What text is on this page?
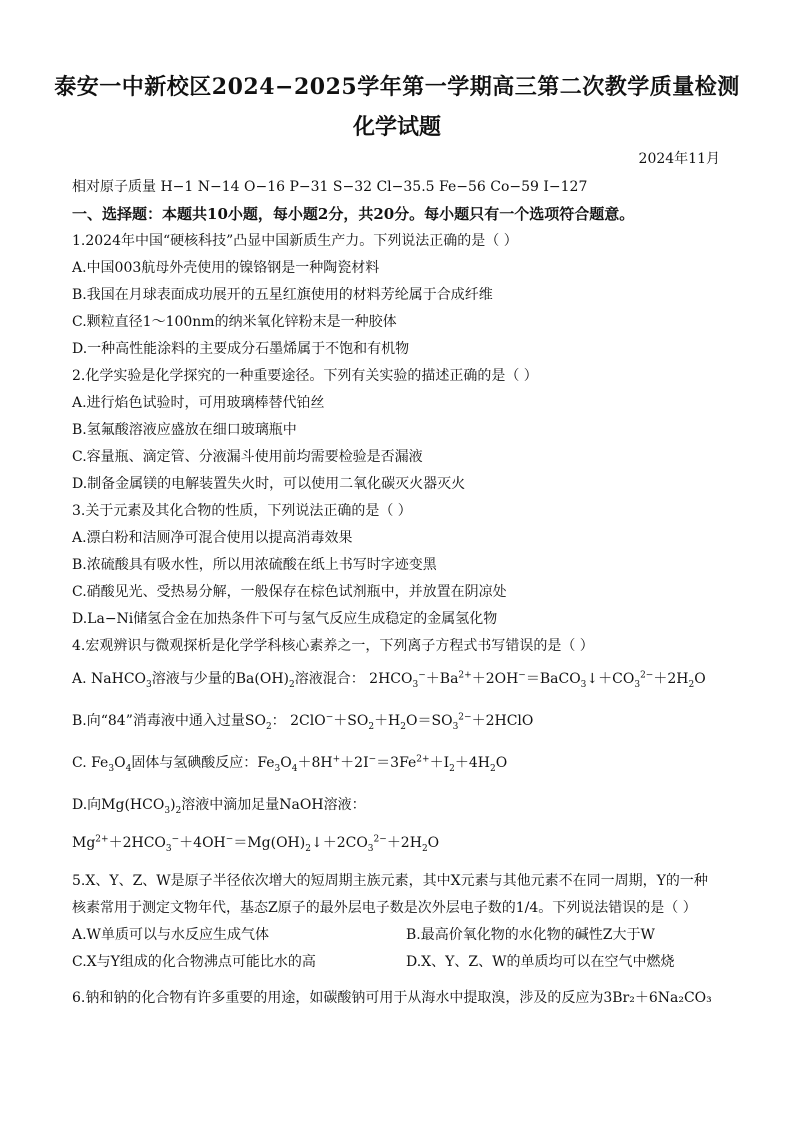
泰安一中新校区2024−2025学年第一学期高三第二次教学质量检测
化学试题
2024年11月
相对原子质量 H−1 N−14 O−16 P−31 S−32 Cl−35.5 Fe−56 Co−59 I−127
一、选择题：本题共10小题，每小题2分，共20分。每小题只有一个选项符合题意。
1.2024年中国“硬核科技”凸显中国新质生产力。下列说法正确的是（ ）
A.中国003航母外壳使用的镍铬钢是一种陶瓷材料
B.我国在月球表面成功展开的五星红旗使用的材料芳纶属于合成纤维
C.颗粒直径1～100nm的纳米氧化锌粉末是一种胶体
D.一种高性能涂料的主要成分石墨烯属于不饱和有机物
2.化学实验是化学探究的一种重要途径。下列有关实验的描述正确的是（ ）
A.进行焰色试验时，可用玻璃棒替代铂丝
B.氢氟酸溶液应盛放在细口玻璃瓶中
C.容量瓶、滴定管、分液漏斗使用前均需要检验是否漏液
D.制备金属镁的电解装置失火时，可以使用二氧化碳灭火器灭火
3.关于元素及其化合物的性质，下列说法正确的是（ ）
A.漂白粉和洁厕净可混合使用以提高消毒效果
B.浓硫酸具有吸水性，所以用浓硫酸在纸上书写时字迹变黑
C.硝酸见光、受热易分解，一般保存在棕色试剂瓶中，并放置在阴凉处
D.La−Ni储氢合金在加热条件下可与氢气反应生成稳定的金属氢化物
4.宏观辨识与微观探析是化学学科核心素养之一，下列离子方程式书写错误的是（ ）
A. NaHCO$_3$溶液与少量的$Ba(OH)_2$溶液混合： $2HCO_3^-+Ba^{2+}+2OH^-=BaCO_3↓+CO_3^{2-}+2H_2O$
B.向“84”消毒液中通入过量$SO_2$： $2ClO^-+SO_2+H_2O=SO_3^{2-}+2HClO$
C. $Fe_3O_4$固体与氢碘酸反应：$Fe_3O_4+8H^++2I^-=3Fe^{2+}+I_2+4H_2O$
D.向$Mg(HCO_3)_2$溶液中滴加足量NaOH溶液：
$Mg^{2+}+2HCO_3^-+4OH^-=Mg(OH)_2↓+2CO_3^{2-}+2H_2O$
5.X、Y、Z、W是原子半径依次增大的短周期主族元素，其中X元素与其他元素不在同一周期，Y的一种
核素常用于测定文物年代，基态Z原子的最外层电子数是次外层电子数的1/4。下列说法错误的是（ ）
A.W单质可以与水反应生成气体	B.最高价氧化物的水化物的碱性Z大于W
C.X与Y组成的化合物沸点可能比水的高	D.X、Y、Z、W的单质均可以在空气中燃烧
6.钠和钠的化合物有许多重要的用途，如碳酸钠可用于从海水中提取溴，涉及的反应为3Br₂＋6Na₂CO₃
